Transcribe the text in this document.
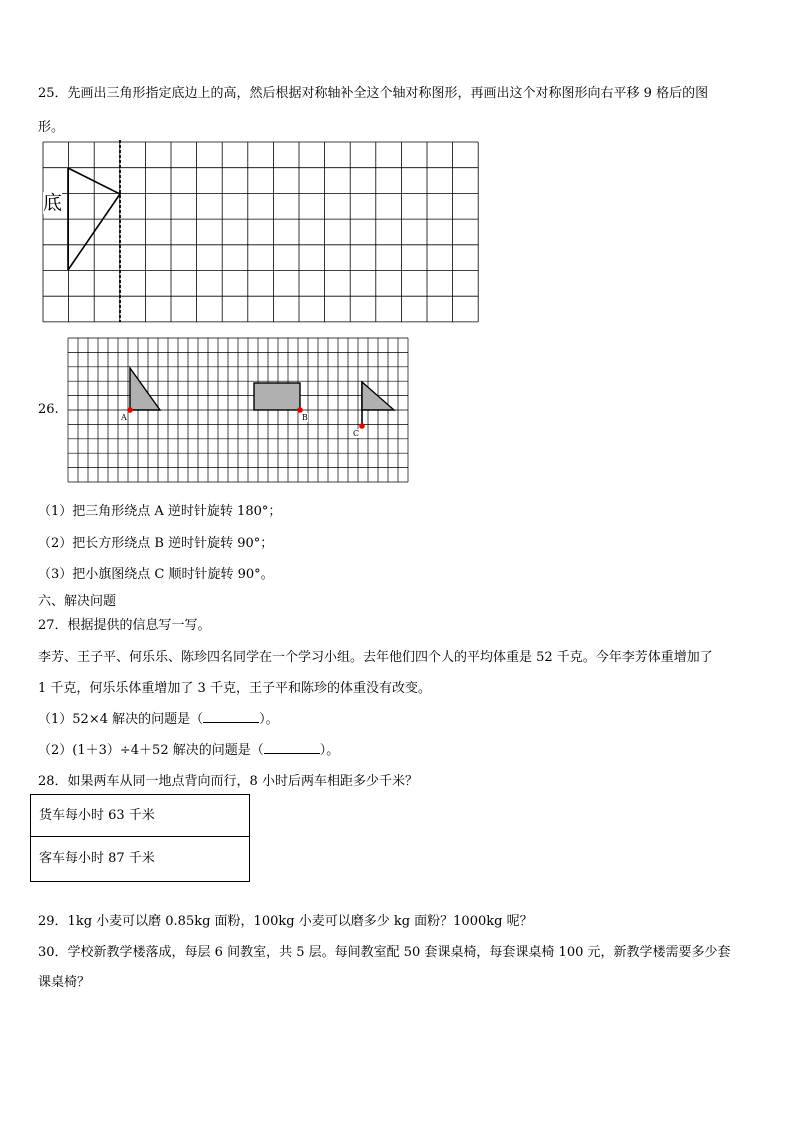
25．先画出三角形指定底边上的高，然后根据对称轴补全这个轴对称图形，再画出这个对称图形向右平移 9 格后的图
形。
底
26.
A	B
C
（1）把三角形绕点 A 逆时针旋转 180°；
（2）把长方形绕点 B 逆时针旋转 90°；
（3）把小旗图绕点 C 顺时针旋转 90°。
六、解决问题
27．根据提供的信息写一写。
李芳、王子平、何乐乐、陈珍四名同学在一个学习小组。去年他们四个人的平均体重是 52 千克。今年李芳体重增加了
1 千克，何乐乐体重增加了 3 千克，王子平和陈珍的体重没有改变。
（1）52×4 解决的问题是（	）。
（2）(1＋3）÷4＋52 解决的问题是（	）。
28．如果两车从同一地点背向而行，8 小时后两车相距多少千米？
货车每小时 63 千米
客车每小时 87 千米
29．1kg 小麦可以磨 0.85kg 面粉，100kg 小麦可以磨多少 kg 面粉？1000kg 呢？
30．学校新教学楼落成，每层 6 间教室，共 5 层。每间教室配 50 套课桌椅，每套课桌椅 100 元，新教学楼需要多少套
课桌椅？
